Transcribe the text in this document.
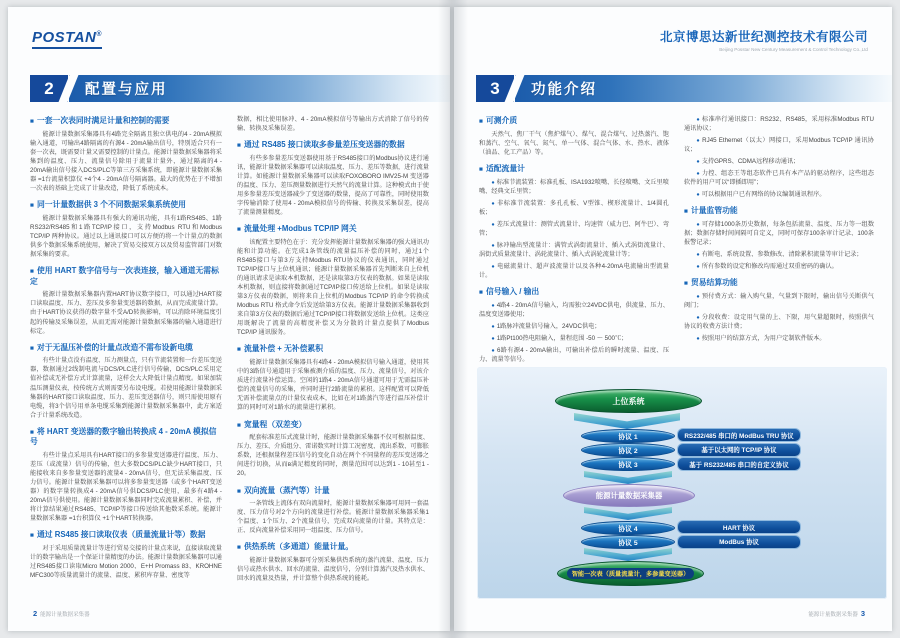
POSTAN®
2	配置与应用
■ 一套一次表同时满足计量和控制的需要

能源计量数据采集器具有4路完全隔离且独立供电的4 - 20mA模拟输入通道，可输出4路隔离的有源4 - 20mA输出信号，特别适合只有一套一次表，既需要计量又需要控制的计量点。能源计量数据采集器将采集到的温度、压力、流量信号除用于流量计量外，通过隔离的4 - 20mA输出信号接入DCS/PLC等第三方采集系统，即能源计量数据采集器 =1台流量积算仪 +4个4 - 20mA信号隔离器。最大的优势在于不增加一次表的基础上完成了计量改造，降低了系统成本。

■ 同一计量数据供 3 个不同数据采集系统使用

能源计量数据采集器具有强大的通讯功能，具有1路RS485、1路RS232/RS485和1路TCP/IP接口，支持Modbus RTU和Modbus TCP/IP 两种协议。通过以上通讯接口可以方便的将一个计量点的数据供多个数据采集系统使用，解决了贸易交接双方以及贸易监管部门对数据采集的要求。

■ 使用 HART 数字信号与一次表连接，输入通道无需标定

能源计量数据采集器内置HART协议数字接口，可以通过HART接口读取温度、压力、差压及多参量变送器的数据，从而完成流量计算。由于HART协议获得的数字量不受A/D转换影响，可以消除环境温度引起的传输及采集误差，从而无需对能源计量数据采集器的输入通道进行标定。

■ 对于无温压补偿的计量点改造不需布设新电缆

有些计量点没有温度、压力测量点，只有节流装置和一台差压变送器，数据通过2线制电流与DCS/PLC进行信号传输，DCS/PLC采用定值补偿或无补偿方式计算流量，这样会大大降低计量点精度。如果加装温压测量仪表，按传统方式则需要另布设电缆。若使用能源计量数据采集器的HART接口读取温度、压力、差压变送器信号，则只需使用原有电缆，将3个信号用单条电缆采集到能源计量数据采集器中，此方案适合于计量系统改造。

■ 将 HART 变送器的数字输出转换成 4 - 20mA 模拟信号

有些计量点采用具有HART接口的多参量变送器进行温度、压力、差压（或流量）信号的传输，但大多数DCS/PLC缺少HART接口，只能接收来自多参量变送器的流量4 - 20mA信号，但无法采集温度、压力信号。能源计量数据采集器可以将多参量变送器（或多个HART变送器）的数字量转换成4 - 20mA信号供DCS/PLC使用，最多有4路4 - 20mA信号供使用。能源计量数据采集器同时完成流量累积、补偿，并将计算结果通过RS485、TCP/IP等接口传送给其他数采系统。能源计量数据采集器 =1台积算仪 +1个HART转换器。

■ 通过 RS485 接口读取仪表（质量流量计等）数据

对于采用质量流量计等进行贸易交接的计量点来说，直接读取流量计的数字输出是一个保证计量精度的办法。能源计量数据采集器可以通过RS485接口读取Micro Motion 2000、E+H Promass 83、KROHNE MFC300等质量流量计的流量、温度、累积库存量、密度等

数据，相比使用脉冲、4 - 20mA模拟信号等输出方式消除了信号的传输、转换及采集误差。

■ 通过 RS485 接口读取多参量差压变送器的数据

有些多参量差压变送器使用基于RS485接口的Modbus协议进行通讯，能源计量数据采集器可以读取温度、压力、差压等数据，进行流量计算。如能源计量数据采集器可以读取FOXOBORO IMV25-M 变送器的温度、压力、差压测量数据进行天然气的流量计算。这种模式由于使用多参量差压变送器减少了变送器的数量，提高了可靠性，同时使用数字传输消除了使用4 - 20mA模拟信号的传输、转换及采集误差，提高了流量测量精度。

■ 流量处理 +Modbus TCP/IP 网关

该配置主要特色在于：充分发挥能源计量数据采集器的强大通讯功能和计算功能。在完成1条管线的流量温压补偿的同时，通过1个RS485接口与第3方支持Modbus RTU协议的仪表通讯，同时通过TCP/IP接口与上位机通讯；能源计量数据采集器首先判断来自上位机的通讯请求是读取本机数据，还是读取第3方仪表的数据。如果是读取本机数据，则直接将数据通过TCP/IP接口传送给上位机。如果是读取第3方仪表的数据，则将来自上位机的Modbus TCP/IP 的命令转换成Modbus RTU 格式命令后发送给第3方仪表。能源计量数据采集器收到来自第3方仪表的数据后通过TCP/IP接口将数据发送给上位机。这类应用既解决了流量的高精度补偿又为分散的计量点提供了Modbus TCP/IP 通讯服务。

■ 流量补偿 + 无补偿累积

能源计量数据采集器具有4路4 - 20mA模拟信号输入通道，使用其中的3路信号通道用于采集被测介质的温度、压力、流量信号，对该介质进行流量补偿运算。空闲的1路4 - 20mA信号通道可用于无需温压补偿的流量信号的采集，并同时进行2路流量的累积。这样配置可以降低无需补偿流量点的计量仪表成本，比如在对1路蒸汽等进行温压补偿计算的同时可对1路水的流量进行累积。

■ 宽量程（双差变）

配套标准差压式流量计时，能源计量数据采集器不仅可根据温度、压力、差压、介质组分、雷诺数实时计算工况密度、流出系数、可膨胀系数，还根据量程差压信号的变化自动在两个不同量程的差压变送器之间进行切换，从而в满足精度的同时，测量范围可以达到1 - 10甚至1 - 20。

■ 双向流量（蒸汽等）计量

一条管线上流体有双向流量时，能源计量数据采集器可用同一套温度、压力信号对2个方向的流量进行补偿。能源计量数据采集器采集1个温度、1个压力、2个流量信号，完成双向流量的计量。其特点是：正、反向流量补偿采用同一组温度、压力信号。

■ 供热系统（多通道）能量计量。

能源计量数据采集器可分别采集供热系统的蒸汽流量、温度、压力信号或热水供水、回水的流量、温度信号，分别计算蒸汽及热水供水、回水的流量及热量，并计算整个供热系统的能耗。

2 能源计量数据采集器
北京博思达新世纪测控技术有限公司
Beijing Posstar New Century Measurement & Control Technology Co.,Ltd
3	功能介绍
■ 可测介质

天然气、焦厂干气（焦炉煤气）、煤气、混合煤气、过热蒸汽、饱和蒸汽、空气、氧气、氮气、单一气体、混合气体、水、热水、液体（油品、化工产品）等。

■ 适配流量计

● 标准节流装置：标准孔板、ISA1932喷嘴、长径喷嘴、文丘里喷嘴、经典文丘里管；

● 非标准节流装置：多孔孔板、V型锥、楔形流量计、1/4圆孔板；

● 差压式流量计：测管式流量计、均速管（威力巴、阿牛巴）、弯管；

● 脉冲输出型流量计：满管式涡街流量计、插入式涡街流量计、涡街式质量流量计、涡轮流量计、插入式涡轮流量计等；

● 电磁流量计、超声波流量计以及各种4-20mA电流输出型流量计。

■ 信号输入 / 输出

● 4路4 - 20mA信号输入，均需独立24VDC供电，供流量、压力、温度变送器使用；

● 1路脉冲流量信号输入，24VDC供电；

● 1路Pt100热电阻输入，量程范围 -50 ～ 500℃；

● 6路有源4 - 20mA输出，可输出补偿后的瞬时流量、温度、压力、流量等信号。

● 标准串行通讯接口：RS232、RS485，采用标准Modbus RTU 通讯协议；

● RJ45 Ethernet（以太）网接口，采用Modbus TCP/IP 通讯协议；

● 支持GPRS、CDMA远程移动通讯；

● 力控、组态王等组态软件已具有本产品的驱动程序，这些组态软件的用户可以“即插即用”；

● 可以根据用户已有网络的协议编制通讯程序。

■ 计量监管功能

● 可存储1000条历史数据，每条包括流量、温度、压力等一组数据；数据存储时间间隔可自定义，同时可保存100条审计记录、100条报警记录；

● 有断电、系统设置、参数修改、清除累积流量等审计记录；

● 所有参数的设定和修改均需通过双重密码的确认。

■ 贸易结算功能

● 预付费方式：输入购气量，气量到下限时，输出信号关断供气阀门；

● 分段收费：设定用气量的上、下限，用气量超限时，按照供气协议的收费方法计费；

● 按照用户的结算方式，为用户定制软件版本。

上位系统
协议 1
协议 2
协议 3
RS232/485 串口的 ModBus TRU 协议
基于以太网的 TCP/IP 协议
基于 RS232/485 串口的自定义协议
能源计量数据采集器
协议 4
协议 5
HART 协议
ModBus 协议
智能一次表（质量流量计，多参量变送器）
能源计量数据采集器 3
